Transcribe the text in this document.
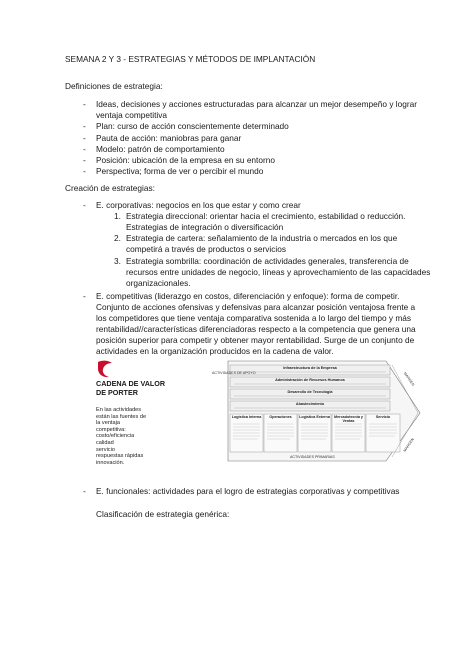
SEMANA 2 Y 3 - ESTRATEGIAS Y MÉTODOS DE IMPLANTACIÓN
Definiciones de estrategia:
- Ideas, decisiones y acciones estructuradas para alcanzar un mejor desempeño y lograr
ventaja competitiva
- Plan: curso de acción conscientemente determinado
- Pauta de acción: maniobras para ganar
- Modelo: patrón de comportamiento
- Posición: ubicación de la empresa en su entorno
- Perspectiva; forma de ver o percibir el mundo
Creación de estrategias:
- E. corporativas: negocios en los que estar y como crear
1. Estrategia direccional: orientar hacia el crecimiento, estabilidad o reducción.
Estrategias de integración o diversificación
2. Estrategia de cartera: señalamiento de la industria o mercados en los que
competirá a través de productos o servicios
3. Estrategia sombrilla: coordinación de actividades generales, transferencia de
recursos entre unidades de negocio, líneas y aprovechamiento de las capacidades
organizacionales.
- E. competitivas (liderazgo en costos, diferenciación y enfoque): forma de competir.
Conjunto de acciones ofensivas y defensivas para alcanzar posición ventajosa frente a
los competidores que tiene ventaja comparativa sostenida a lo largo del tiempo y más
rentabilidad//características diferenciadoras respecto a la competencia que genera una
posición superior para competir y obtener mayor rentabilidad. Surge de un conjunto de
actividades en la organización producidos en la cadena de valor.
CADENA DE VALOR DE PORTER
En las actividades
están las fuentes de
la ventaja
competitiva:
costo/eficiencia
calidad
servicio
respuestas rápidas
innovación.
ACTIVIDADES DE APOYO
ACTIVIDADES PRIMARIAS
MARGEN
MARGEN
Infraestructura de la Empresa
Administración de Recursos Humanos
Desarrollo de Tecnología
Abastecimiento
Logística Interna	Operaciones	Logística Externa	Mercadotecnia y Ventas
Servicio
- E. funcionales: actividades para el logro de estrategias corporativas y competitivas
Clasificación de estrategia genérica:
